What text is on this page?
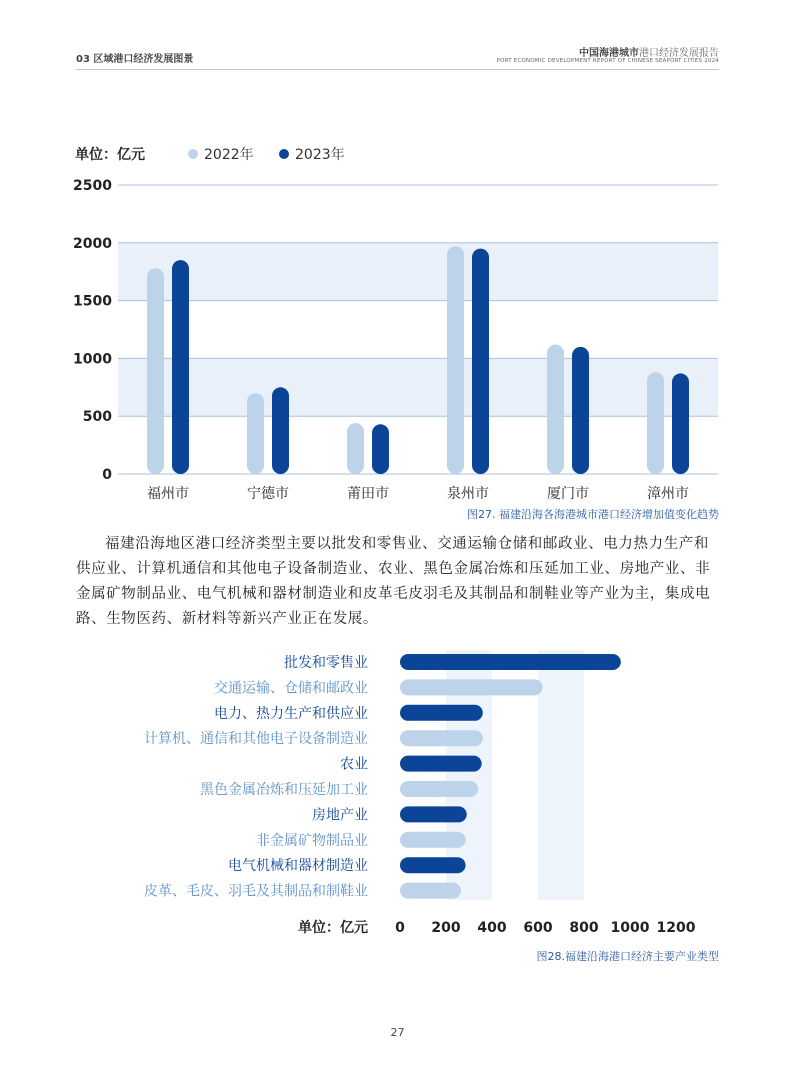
03 区域港口经济发展图景
中国海港城市港口经济发展报告
PORT ECONOMIC DEVELOPMENT REPORT OF CHINESE SEAPORT CITIES 2024
单位：亿元	2022年	2023年
0
500
1000
1500
2000
2500
福州市	宁德市	莆田市	泉州市	厦门市	漳州市
图27. 福建沿海各海港城市港口经济增加值变化趋势

福建沿海地区港口经济类型主要以批发和零售业、交通运输仓储和邮政业、电力热力生产和供应业、计算机通信和其他电子设备制造业、农业、黑色金属冶炼和压延加工业、房地产业、非金属矿物制品业、电气机械和器材制造业和皮革毛皮羽毛及其制品和制鞋业等产业为主，集成电路、生物医药、新材料等新兴产业正在发展。

批发和零售业
交通运输、仓储和邮政业
电力、热力生产和供应业
计算机、通信和其他电子设备制造业
农业
黑色金属冶炼和压延加工业
房地产业
非金属矿物制品业
电气机械和器材制造业
皮革、毛皮、羽毛及其制品和制鞋业
0 200 400 600 800 1000 1200
单位：亿元
图28.福建沿海港口经济主要产业类型
27
